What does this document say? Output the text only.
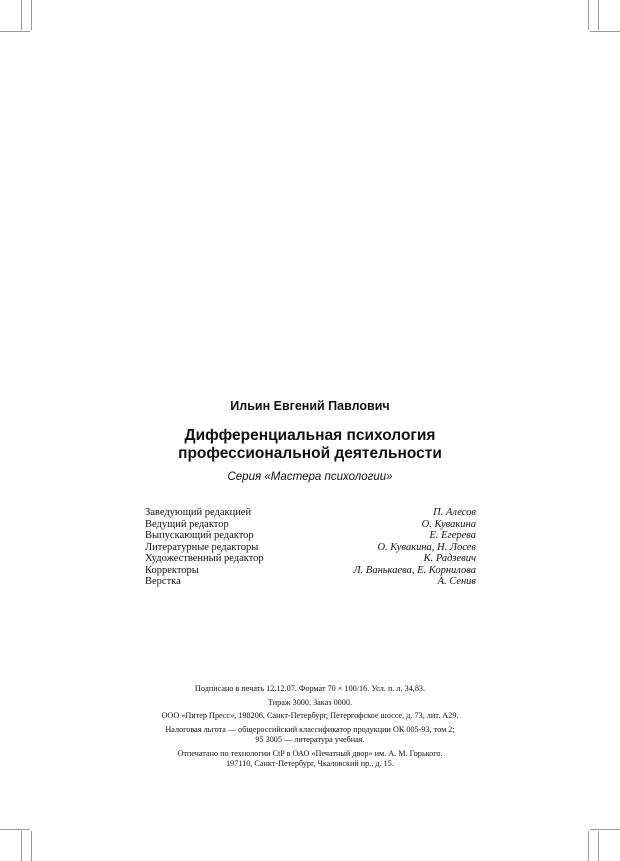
Ильин Евгений Павлович
Дифференциальная психология
профессиональной деятельности
Серия «Мастера психологии»
Заведующий редакцией	П. Алесов
Ведущий редактор	О. Кувакина
Выпускающий редактор	Е. Егерева
Литературные редакторы	О. Кувакина, Н. Лосев
Художественный редактор	К. Радзевич
Корректоры	Л. Ванькаева, Е. Корнилова
Верстка	А. Сенив

Подписано в печать 12.12.07. Формат 70 × 100/16. Усл. п. л. 34,83.

Тираж 3000. Заказ 0000.

ООО «Питер Пресс», 198206, Санкт-Петербург, Петергофское шоссе, д. 73, лит. А29.

Налоговая льгота — общероссийский классификатор продукции ОК 005-93, том 2;
95 3005 — литература учебная.

Отпечатано по технологии CtP в ОАО «Печатный двор» им. А. М. Горького.
197110, Санкт-Петербург, Чкаловский пр., д. 15.
